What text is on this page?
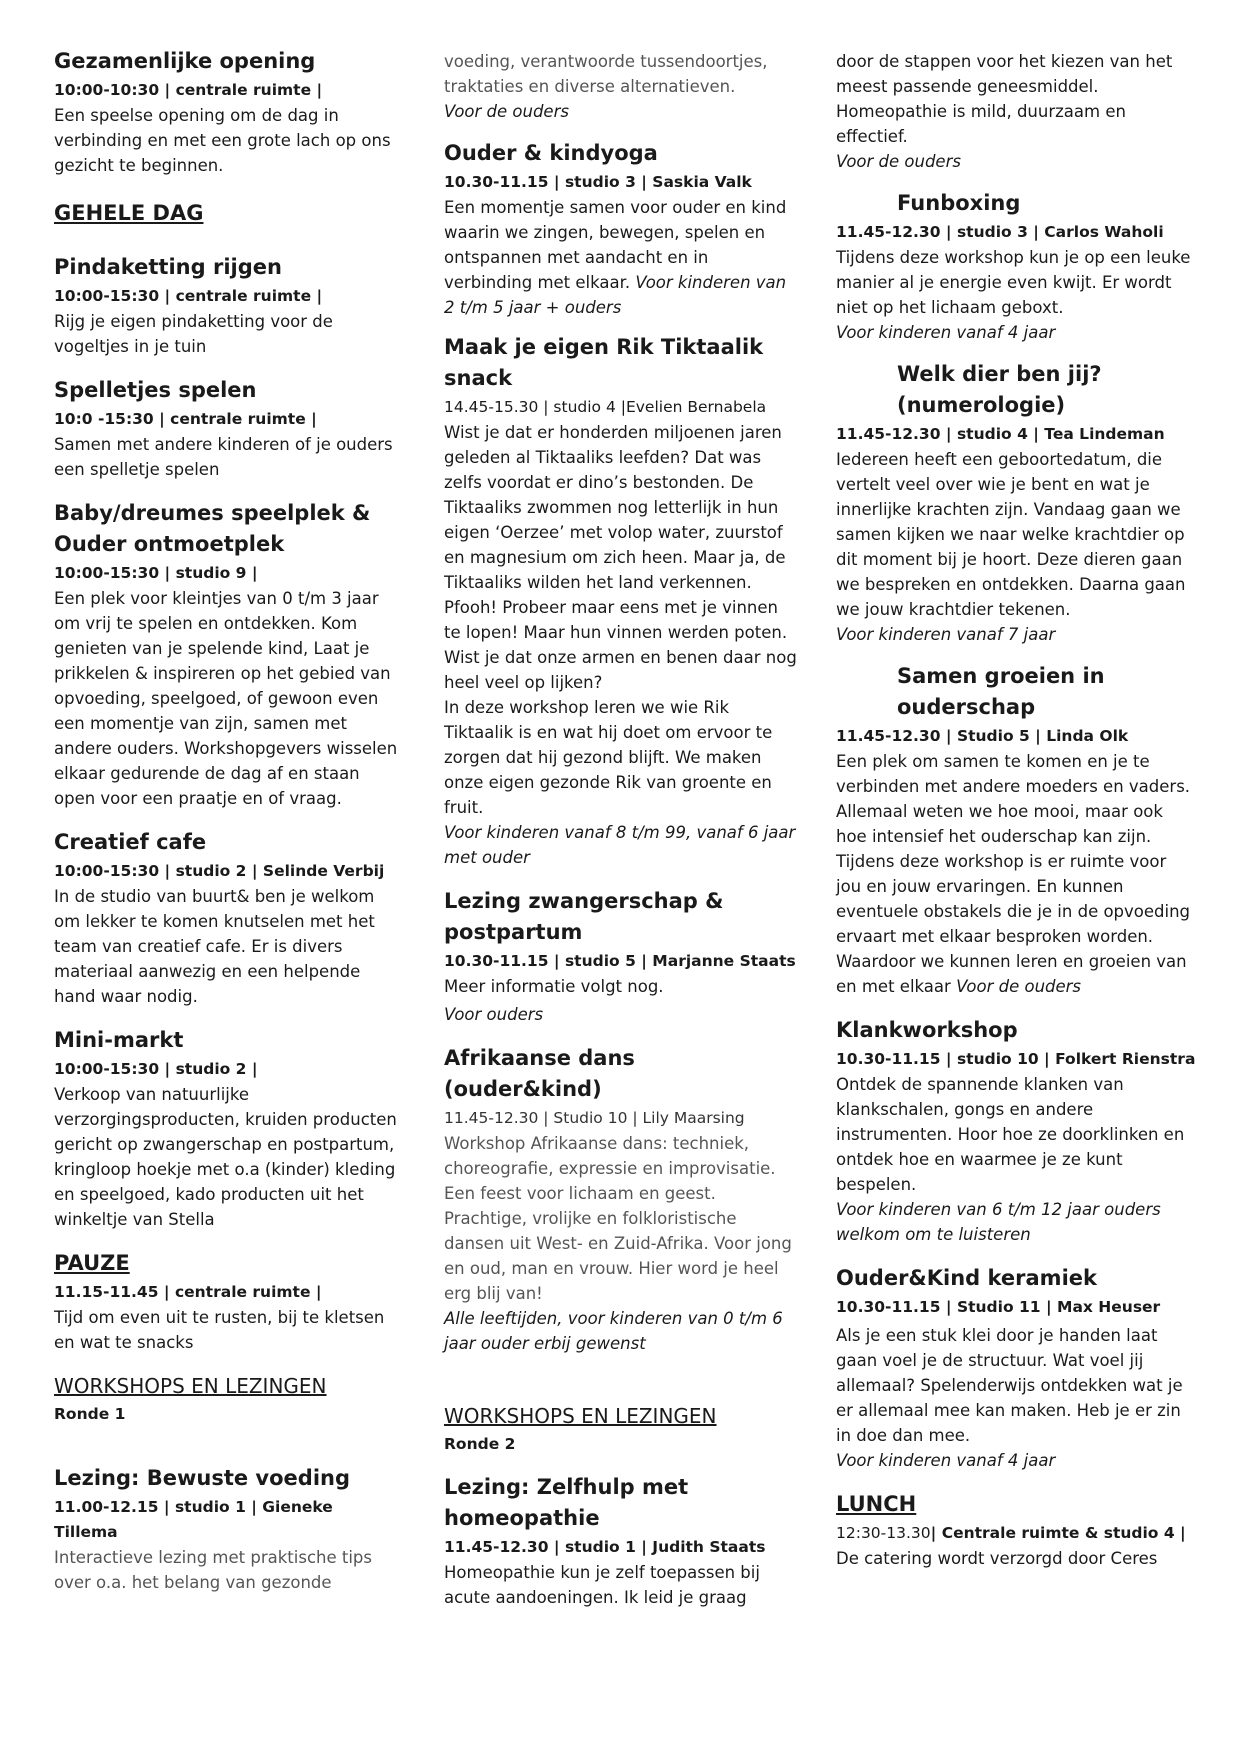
Gezamenlijke opening

10:00-10:30 | centrale ruimte |

Een speelse opening om de dag in verbinding en met een grote lach op ons gezicht te beginnen.

GEHELE DAG

Pindaketting rijgen

10:00-15:30 | centrale ruimte |

Rijg je eigen pindaketting voor de vogeltjes in je tuin

Spelletjes spelen

10:0 -15:30 | centrale ruimte |

Samen met andere kinderen of je ouders een spelletje spelen

Baby/dreumes speelplek & Ouder ontmoetplek

10:00-15:30 | studio 9 |

Een plek voor kleintjes van 0 t/m 3 jaar om vrij te spelen en ontdekken. Kom genieten van je spelende kind, Laat je prikkelen & inspireren op het gebied van opvoeding, speelgoed, of gewoon even een momentje van zijn, samen met andere ouders. Workshopgevers wisselen elkaar gedurende de dag af en staan open voor een praatje en of vraag.

Creatief cafe

10:00-15:30 | studio 2 | Selinde Verbij

In de studio van buurt& ben je welkom om lekker te komen knutselen met het team van creatief cafe. Er is divers materiaal aanwezig en een helpende hand waar nodig.

Mini-markt

10:00-15:30 | studio 2 |

Verkoop van natuurlijke verzorgingsproducten, kruiden producten gericht op zwangerschap en postpartum, kringloop hoekje met o.a (kinder) kleding en speelgoed, kado producten uit het winkeltje van Stella

PAUZE

11.15-11.45 | centrale ruimte |

Tijd om even uit te rusten, bij te kletsen en wat te snacks

WORKSHOPS EN LEZINGEN

Ronde 1

Lezing: Bewuste voeding

11.00-12.15 | studio 1 | Gieneke Tillema

Interactieve lezing met praktische tips over o.a. het belang van gezonde

voeding, verantwoorde tussendoortjes, traktaties en diverse alternatieven.

Voor de ouders

Ouder & kindyoga

10.30-11.15 | studio 3 | Saskia Valk

Een momentje samen voor ouder en kind waarin we zingen, bewegen, spelen en ontspannen met aandacht en in verbinding met elkaar. Voor kinderen van 2 t/m 5 jaar + ouders

Maak je eigen Rik Tiktaalik snack

14.45-15.30 | studio 4 |Evelien Bernabela

Wist je dat er honderden miljoenen jaren geleden al Tiktaaliks leefden? Dat was zelfs voordat er dino’s bestonden. De Tiktaaliks zwommen nog letterlijk in hun eigen ‘Oerzee’ met volop water, zuurstof en magnesium om zich heen. Maar ja, de Tiktaaliks wilden het land verkennen. Pfooh! Probeer maar eens met je vinnen te lopen! Maar hun vinnen werden poten. Wist je dat onze armen en benen daar nog heel veel op lijken?

In deze workshop leren we wie Rik Tiktaalik is en wat hij doet om ervoor te zorgen dat hij gezond blijft. We maken onze eigen gezonde Rik van groente en fruit.

Voor kinderen vanaf 8 t/m 99, vanaf 6 jaar met ouder

Lezing zwangerschap & postpartum

10.30-11.15 | studio 5 | Marjanne Staats

Meer informatie volgt nog.

Voor ouders

Afrikaanse dans (ouder&kind)

11.45-12.30 | Studio 10 | Lily Maarsing

Workshop Afrikaanse dans: techniek, choreografie, expressie en improvisatie. Een feest voor lichaam en geest. Prachtige, vrolijke en folkloristische dansen uit West- en Zuid-Afrika. Voor jong en oud, man en vrouw. Hier word je heel erg blij van!

Alle leeftijden, voor kinderen van 0 t/m 6 jaar ouder erbij gewenst

WORKSHOPS EN LEZINGEN

Ronde 2

Lezing: Zelfhulp met homeopathie

11.45-12.30 | studio 1 | Judith Staats

Homeopathie kun je zelf toepassen bij acute aandoeningen. Ik leid je graag

door de stappen voor het kiezen van het meest passende geneesmiddel. Homeopathie is mild, duurzaam en effectief.

Voor de ouders

Funboxing

11.45-12.30 | studio 3 | Carlos Waholi

Tijdens deze workshop kun je op een leuke manier al je energie even kwijt. Er wordt niet op het lichaam geboxt.

Voor kinderen vanaf 4 jaar

Welk dier ben jij? (numerologie)

11.45-12.30 | studio 4 | Tea Lindeman

Iedereen heeft een geboortedatum, die vertelt veel over wie je bent en wat je innerlijke krachten zijn. Vandaag gaan we samen kijken we naar welke krachtdier op dit moment bij je hoort. Deze dieren gaan we bespreken en ontdekken. Daarna gaan we jouw krachtdier tekenen.

Voor kinderen vanaf 7 jaar

Samen groeien in ouderschap

11.45-12.30 | Studio 5 | Linda Olk

Een plek om samen te komen en je te verbinden met andere moeders en vaders. Allemaal weten we hoe mooi, maar ook hoe intensief het ouderschap kan zijn. Tijdens deze workshop is er ruimte voor jou en jouw ervaringen. En kunnen eventuele obstakels die je in de opvoeding ervaart met elkaar besproken worden. Waardoor we kunnen leren en groeien van en met elkaar Voor de ouders

Klankworkshop

10.30-11.15 | studio 10 | Folkert Rienstra

Ontdek de spannende klanken van klankschalen, gongs en andere instrumenten. Hoor hoe ze doorklinken en ontdek hoe en waarmee je ze kunt bespelen.

Voor kinderen van 6 t/m 12 jaar ouders welkom om te luisteren

Ouder&Kind keramiek

10.30-11.15 | Studio 11 | Max Heuser

Als je een stuk klei door je handen laat gaan voel je de structuur. Wat voel jij allemaal? Spelenderwijs ontdekken wat je er allemaal mee kan maken. Heb je er zin in doe dan mee.

Voor kinderen vanaf 4 jaar

LUNCH

12:30-13.30| Centrale ruimte & studio 4 |

De catering wordt verzorgd door Ceres
